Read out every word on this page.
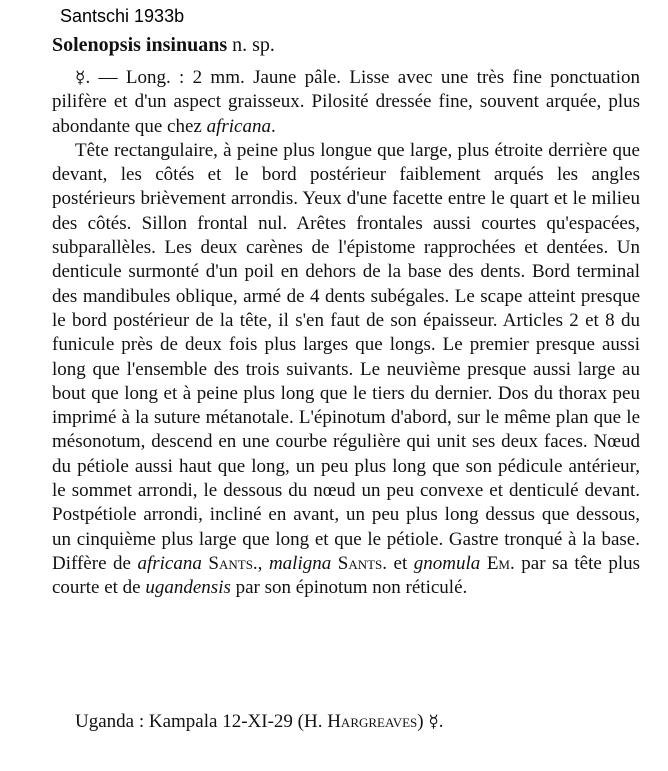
Santschi 1933b
Solenopsis insinuans n. sp.

☿. — Long. : 2 mm. Jaune pâle. Lisse avec une très fine ponctuation pilifère et d'un aspect graisseux. Pilosité dressée fine, souvent arquée, plus abondante que chez africana.

Tête rectangulaire, à peine plus longue que large, plus étroite derrière que devant, les côtés et le bord postérieur faiblement arqués les angles postérieurs brièvement arrondis. Yeux d'une facette entre le quart et le milieu des côtés. Sillon frontal nul. Arêtes frontales aussi courtes qu'espacées, subparallèles. Les deux carènes de l'épistome rapprochées et dentées. Un denticule surmonté d'un poil en dehors de la base des dents. Bord terminal des mandibules oblique, armé de 4 dents subégales. Le scape atteint presque le bord postérieur de la tête, il s'en faut de son épaisseur. Articles 2 et 8 du funicule près de deux fois plus larges que longs. Le premier presque aussi long que l'ensemble des trois suivants. Le neuvième presque aussi large au bout que long et à peine plus long que le tiers du dernier. Dos du thorax peu imprimé à la suture métanotale. L'épinotum d'abord, sur le même plan que le mésonotum, descend en une courbe régulière qui unit ses deux faces. Nœud du pétiole aussi haut que long, un peu plus long que son pédicule antérieur, le sommet arrondi, le dessous du nœud un peu convexe et denticulé devant. Postpétiole arrondi, incliné en avant, un peu plus long dessus que dessous, un cinquième plus large que long et que le pétiole. Gastre tronqué à la base. Diffère de africana Sants., maligna Sants. et gnomula Em. par sa tête plus courte et de ugandensis par son épinotum non réticulé.

Uganda : Kampala 12-XI-29 (H. Hargreaves) ☿.
